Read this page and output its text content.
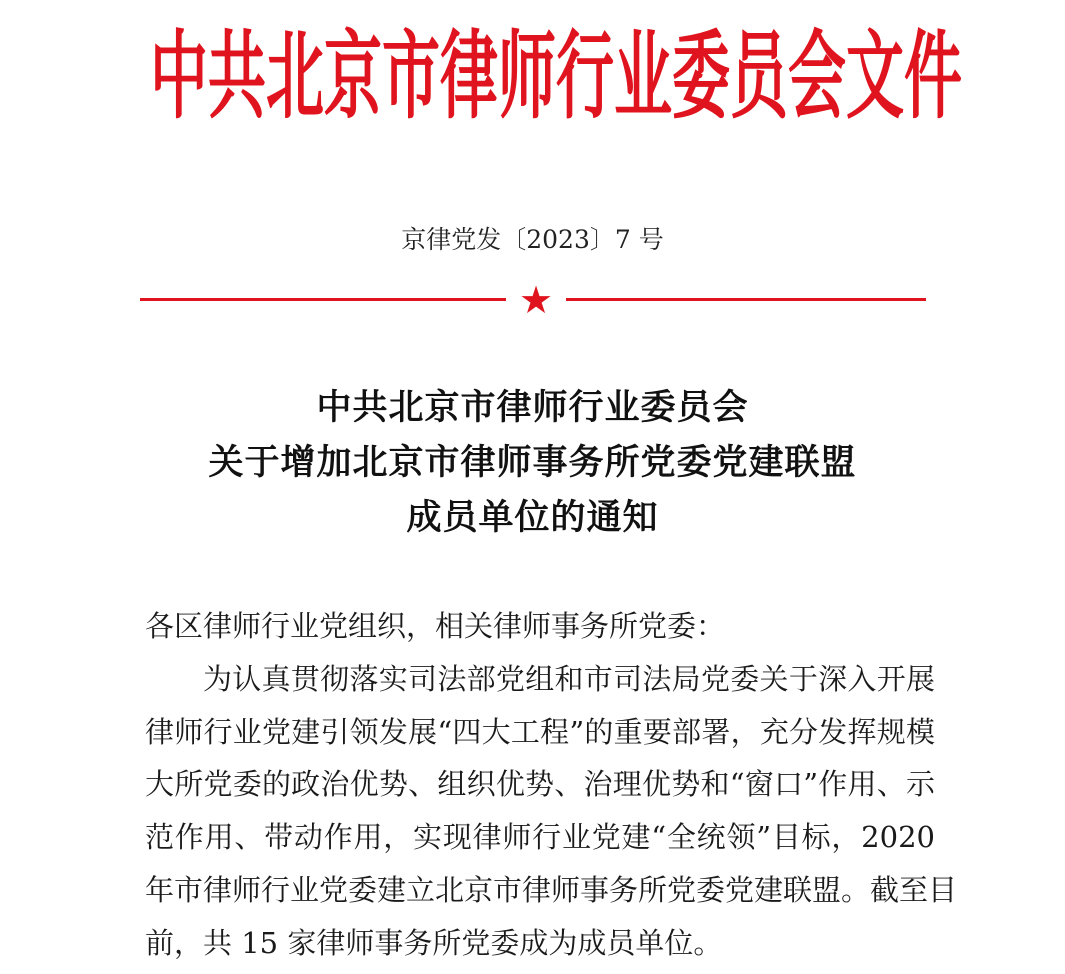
中共北京市律师行业委员会文件
京律党发〔2023〕7 号
★
中共北京市律师行业委员会
关于增加北京市律师事务所党委党建联盟
成员单位的通知
各区律师行业党组织，相关律师事务所党委：
为认真贯彻落实司法部党组和市司法局党委关于深入开展
律师行业党建引领发展“四大工程”的重要部署，充分发挥规模
大所党委的政治优势、组织优势、治理优势和“窗口”作用、示
范作用、带动作用，实现律师行业党建“全统领”目标，2020
年市律师行业党委建立北京市律师事务所党委党建联盟。截至目
前，共 15 家律师事务所党委成为成员单位。
